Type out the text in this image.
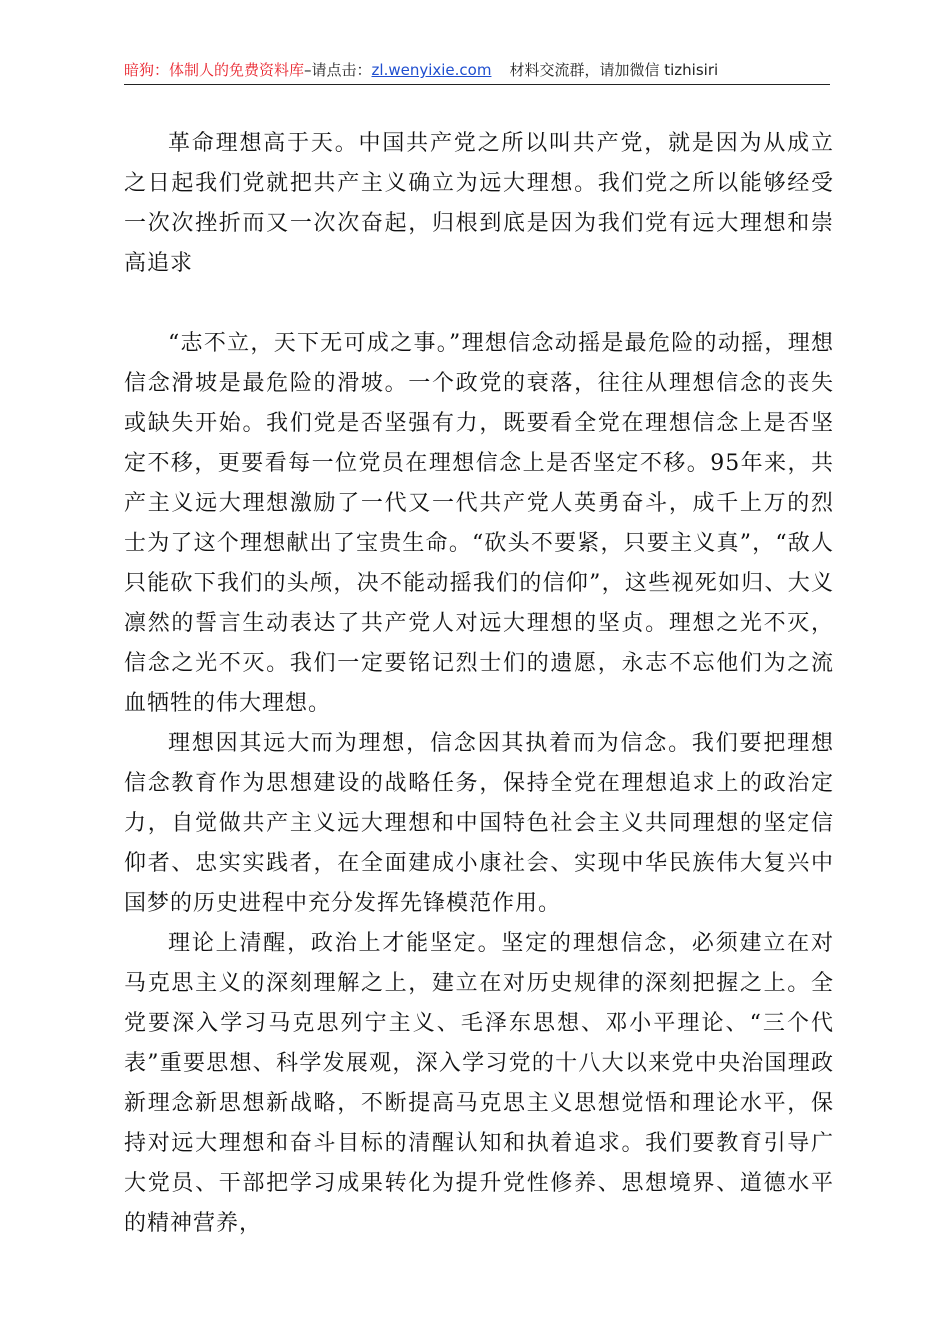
暗狗：体制人的免费资料库–请点击：zl.wenyixie.com 材料交流群，请加微信 tizhisiri

革命理想高于天。中国共产党之所以叫共产党，就是因为从成立之日起我们党就把共产主义确立为远大理想。我们党之所以能够经受一次次挫折而又一次次奋起，归根到底是因为我们党有远大理想和崇高追求

“志不立，天下无可成之事。”理想信念动摇是最危险的动摇，理想信念滑坡是最危险的滑坡。一个政党的衰落，往往从理想信念的丧失或缺失开始。我们党是否坚强有力，既要看全党在理想信念上是否坚定不移，更要看每一位党员在理想信念上是否坚定不移。95年来，共产主义远大理想激励了一代又一代共产党人英勇奋斗，成千上万的烈士为了这个理想献出了宝贵生命。“砍头不要紧，只要主义真”，“敌人只能砍下我们的头颅，决不能动摇我们的信仰”，这些视死如归、大义凛然的誓言生动表达了共产党人对远大理想的坚贞。理想之光不灭，信念之光不灭。我们一定要铭记烈士们的遗愿，永志不忘他们为之流血牺牲的伟大理想。

理想因其远大而为理想，信念因其执着而为信念。我们要把理想信念教育作为思想建设的战略任务，保持全党在理想追求上的政治定力，自觉做共产主义远大理想和中国特色社会主义共同理想的坚定信仰者、忠实实践者，在全面建成小康社会、实现中华民族伟大复兴中国梦的历史进程中充分发挥先锋模范作用。

理论上清醒，政治上才能坚定。坚定的理想信念，必须建立在对马克思主义的深刻理解之上，建立在对历史规律的深刻把握之上。全党要深入学习马克思列宁主义、毛泽东思想、邓小平理论、“三个代表”重要思想、科学发展观，深入学习党的十八大以来党中央治国理政新理念新思想新战略，不断提高马克思主义思想觉悟和理论水平，保持对远大理想和奋斗目标的清醒认知和执着追求。我们要教育引导广大党员、干部把学习成果转化为提升党性修养、思想境界、道德水平的精神营养，
